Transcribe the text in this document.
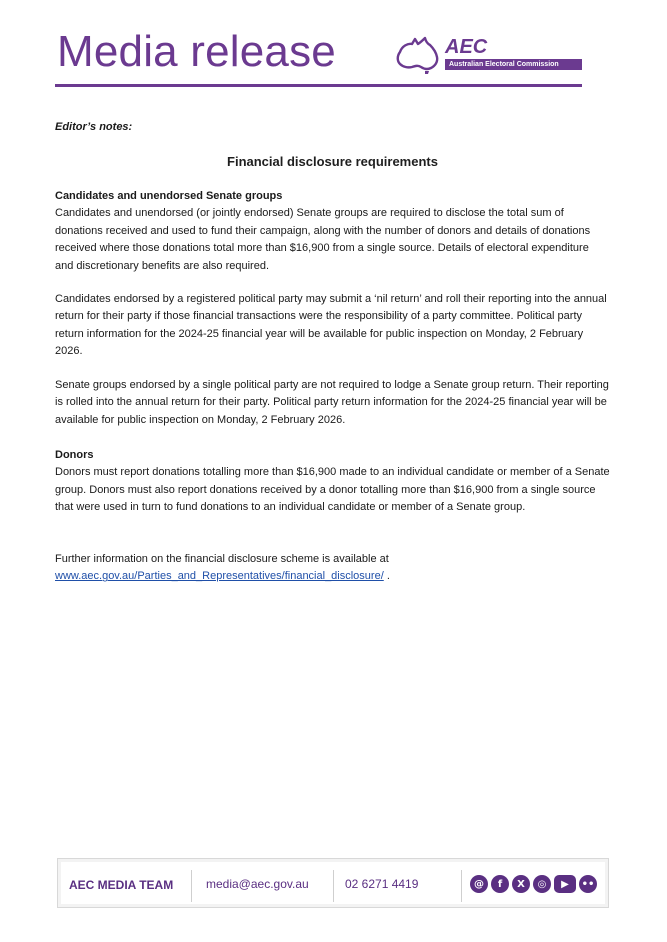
Media release	AEC
Australian Electoral Commission
Editor’s notes:
Financial disclosure requirements
Candidates and unendorsed Senate groups

Candidates and unendorsed (or jointly endorsed) Senate groups are required to disclose the total sum of donations received and used to fund their campaign, along with the number of donors and details of donations received where those donations total more than $16,900 from a single source. Details of electoral expenditure and discretionary benefits are also required.

Candidates endorsed by a registered political party may submit a ‘nil return’ and roll their reporting into the annual return for their party if those financial transactions were the responsibility of a party committee. Political party return information for the 2024-25 financial year will be available for public inspection on Monday, 2 February 2026.

Senate groups endorsed by a single political party are not required to lodge a Senate group return. Their reporting is rolled into the annual return for their party. Political party return information for the 2024-25 financial year will be available for public inspection on Monday, 2 February 2026.

Donors

Donors must report donations totalling more than $16,900 made to an individual candidate or member of a Senate group. Donors must also report donations received by a donor totalling more than $16,900 from a single source that were used in turn to fund donations to an individual candidate or member of a Senate group.

Further information on the financial disclosure scheme is available at
www.aec.gov.au/Parties_and_Representatives/financial_disclosure/ .
AEC MEDIA TEAM	media@aec.gov.au	02 6271 4419	@	f	X	◎	▶	••
